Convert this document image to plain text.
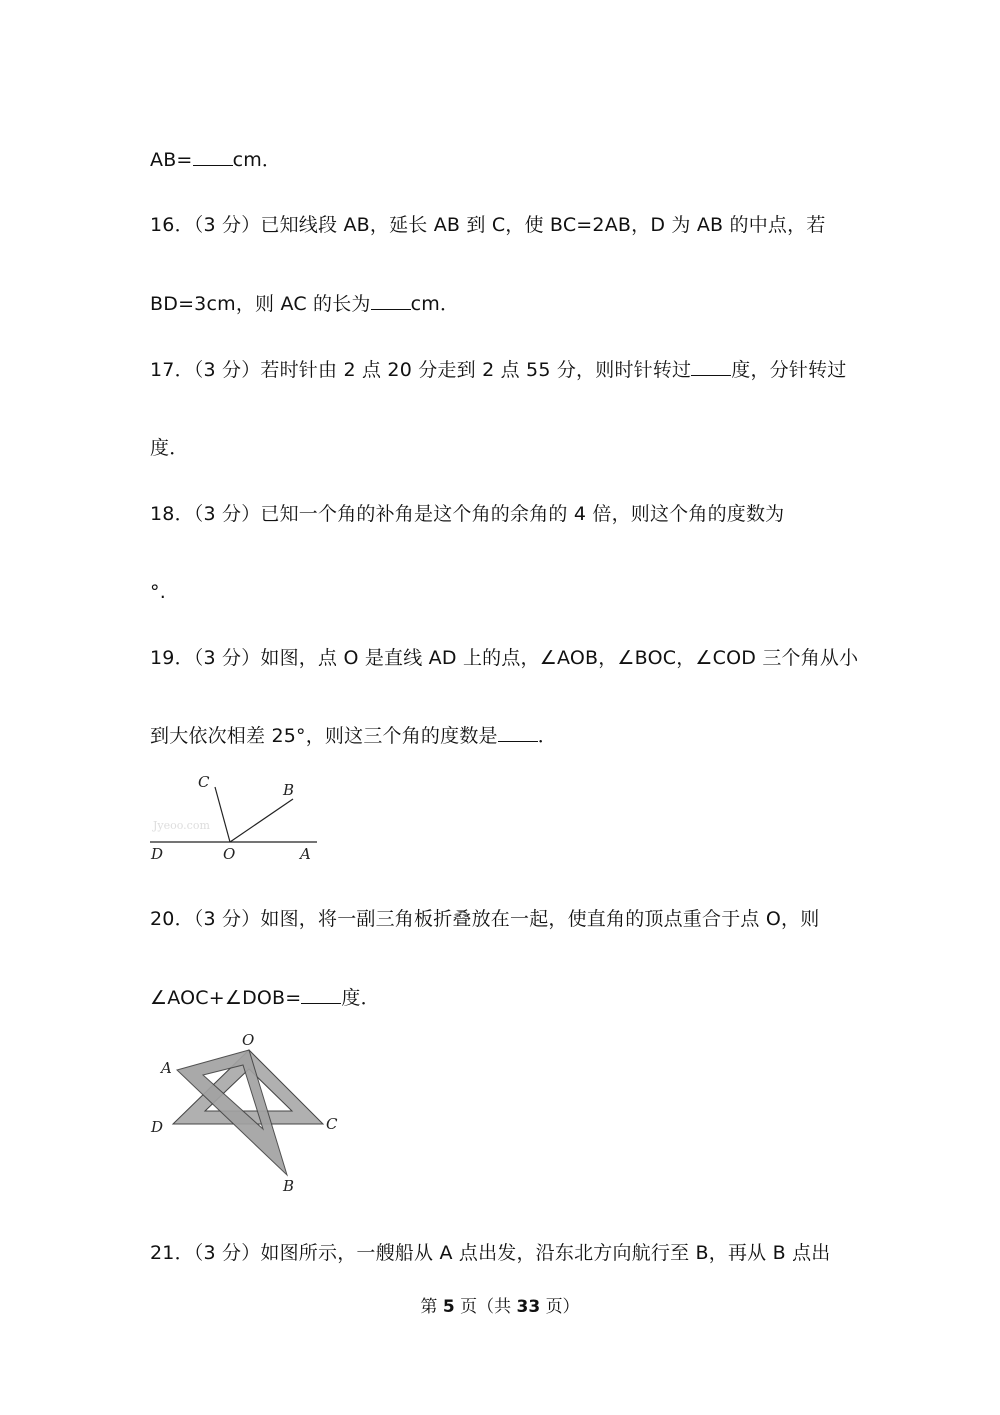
AB= cm．
16．（3 分）已知线段 AB，延长 AB 到 C，使 BC=2AB，D 为 AB 的中点，若
BD=3cm，则 AC 的长为 cm．
17．（3 分）若时针由 2 点 20 分走到 2 点 55 分，则时针转过 度，分针转过
度．
18．（3 分）已知一个角的补角是这个角的余角的 4 倍，则这个角的度数为
°.
19．（3 分）如图，点 O 是直线 AD 上的点，∠AOB，∠BOC，∠COD 三个角从小
到大依次相差 25°，则这三个角的度数是 ．
Jyeoo.com
C	B
D	O	A
20．（3 分）如图，将一副三角板折叠放在一起，使直角的顶点重合于点 O，则
∠AOC+∠DOB= 度．
O
A
D	C
B
21．（3 分）如图所示，一艘船从 A 点出发，沿东北方向航行至 B，再从 B 点出
第 5 页（共 33 页）
